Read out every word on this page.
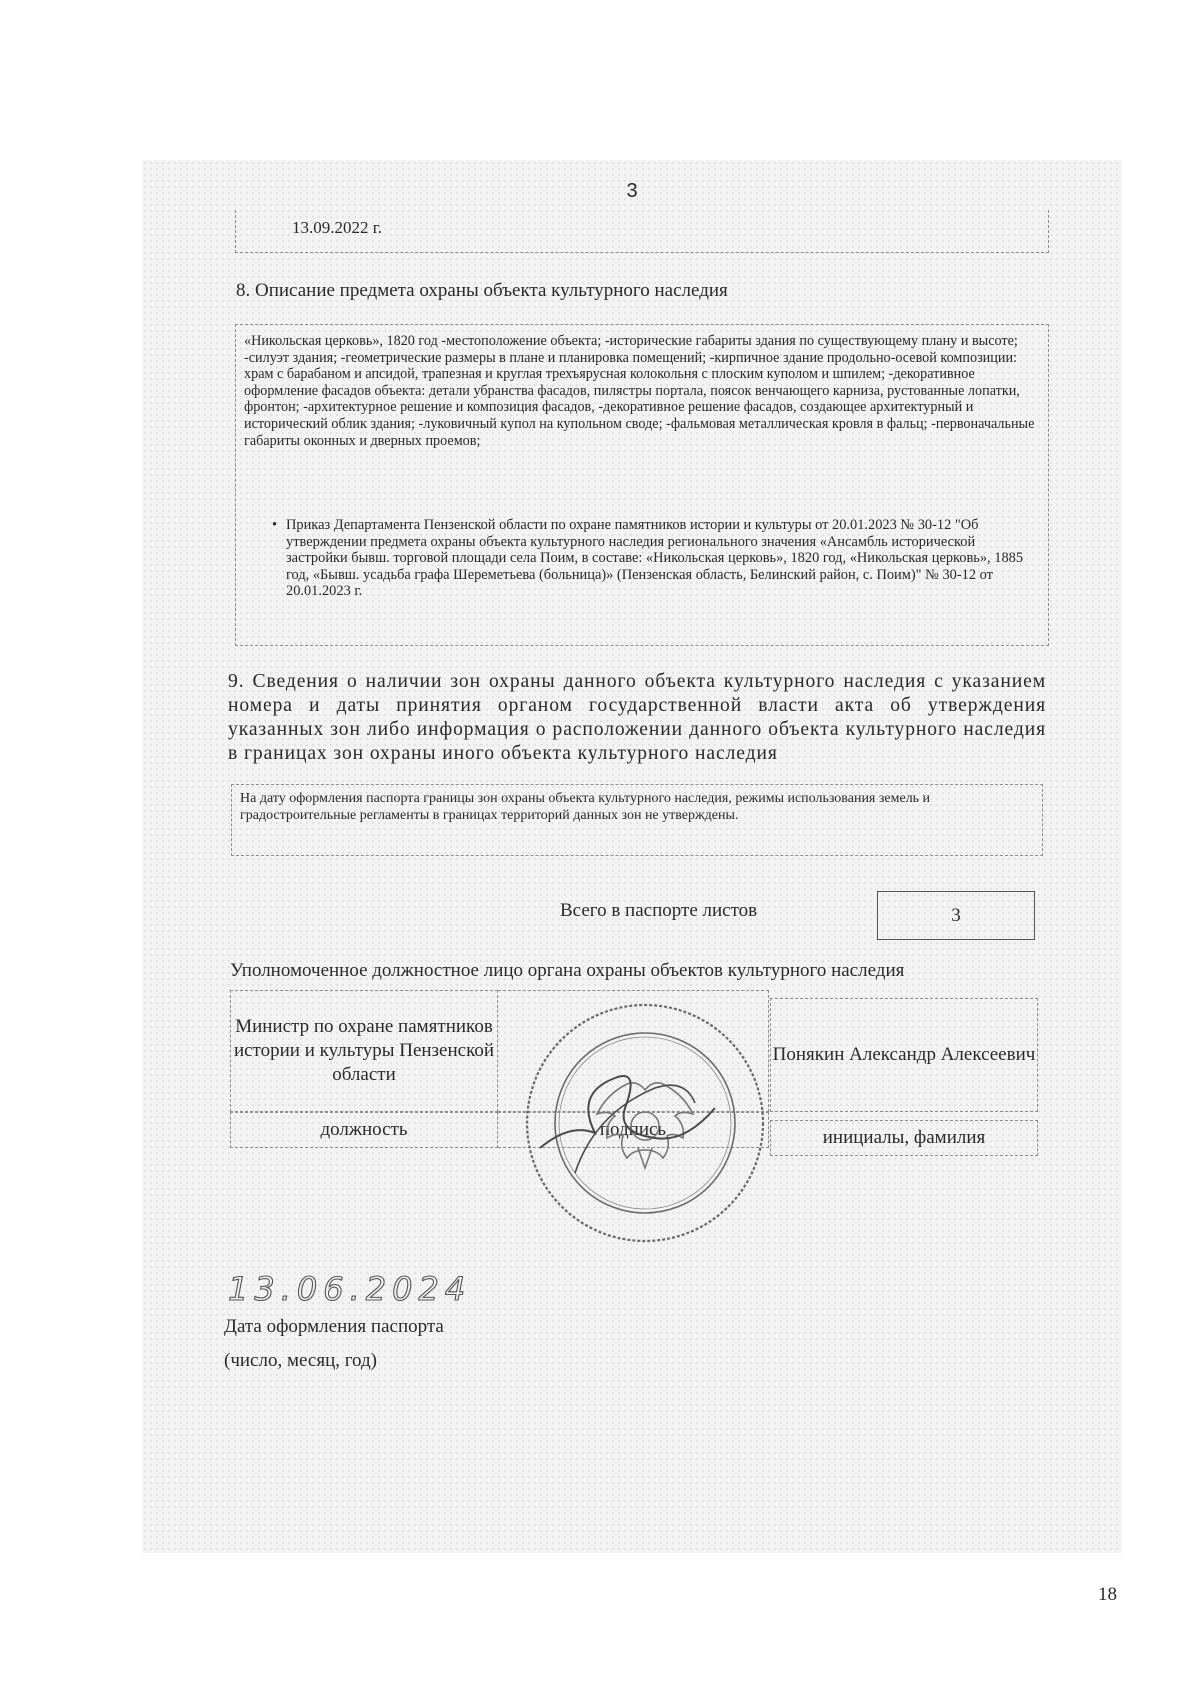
3
13.09.2022 г.
8. Описание предмета охраны объекта культурного наследия

«Никольская церковь», 1820 год -местоположение объекта; -исторические габариты здания по существующему плану и высоте; -силуэт здания; -геометрические размеры в плане и планировка помещений; -кирпичное здание продольно-осевой композиции: храм с барабаном и апсидой, трапезная и круглая трехъярусная колокольня с плоским куполом и шпилем; -декоративное оформление фасадов объекта: детали убранства фасадов, пилястры портала, поясок венчающего карниза, рустованные лопатки, фронтон; -архитектурное решение и композиция фасадов, -декоративное решение фасадов, создающее архитектурный и исторический облик здания; -луковичный купол на купольном своде; -фальмовая металлическая кровля в фальц; -первоначальные габариты оконных и дверных проемов;

• Приказ Департамента Пензенской области по охране памятников истории и культуры от 20.01.2023 № 30-12 "Об утверждении предмета охраны объекта культурного наследия регионального значения «Ансамбль исторической застройки бывш. торговой площади села Поим, в составе: «Никольская церковь», 1820 год, «Никольская церковь», 1885 год, «Бывш. усадьба графа Шереметьева (больница)» (Пензенская область, Белинский район, с. Поим)" № 30-12 от 20.01.2023 г.

9. Сведения о наличии зон охраны данного объекта культурного наследия с указанием номера и даты принятия органом государственной власти акта об утверждения указанных зон либо информация о расположении данного объекта культурного наследия в границах зон охраны иного объекта культурного наследия

На дату оформления паспорта границы зон охраны объекта культурного наследия, режимы использования земель и градостроительные регламенты в границах территорий данных зон не утверждены.

Всего в паспорте листов	3
Уполномоченное должностное лицо органа охраны объектов культурного наследия
Министр по охране памятников истории и культуры Пензенской области
должность	подпись
Понякин Александр Алексеевич
инициалы, фамилия
13.06.2024
Дата оформления паспорта
(число, месяц, год)
18
